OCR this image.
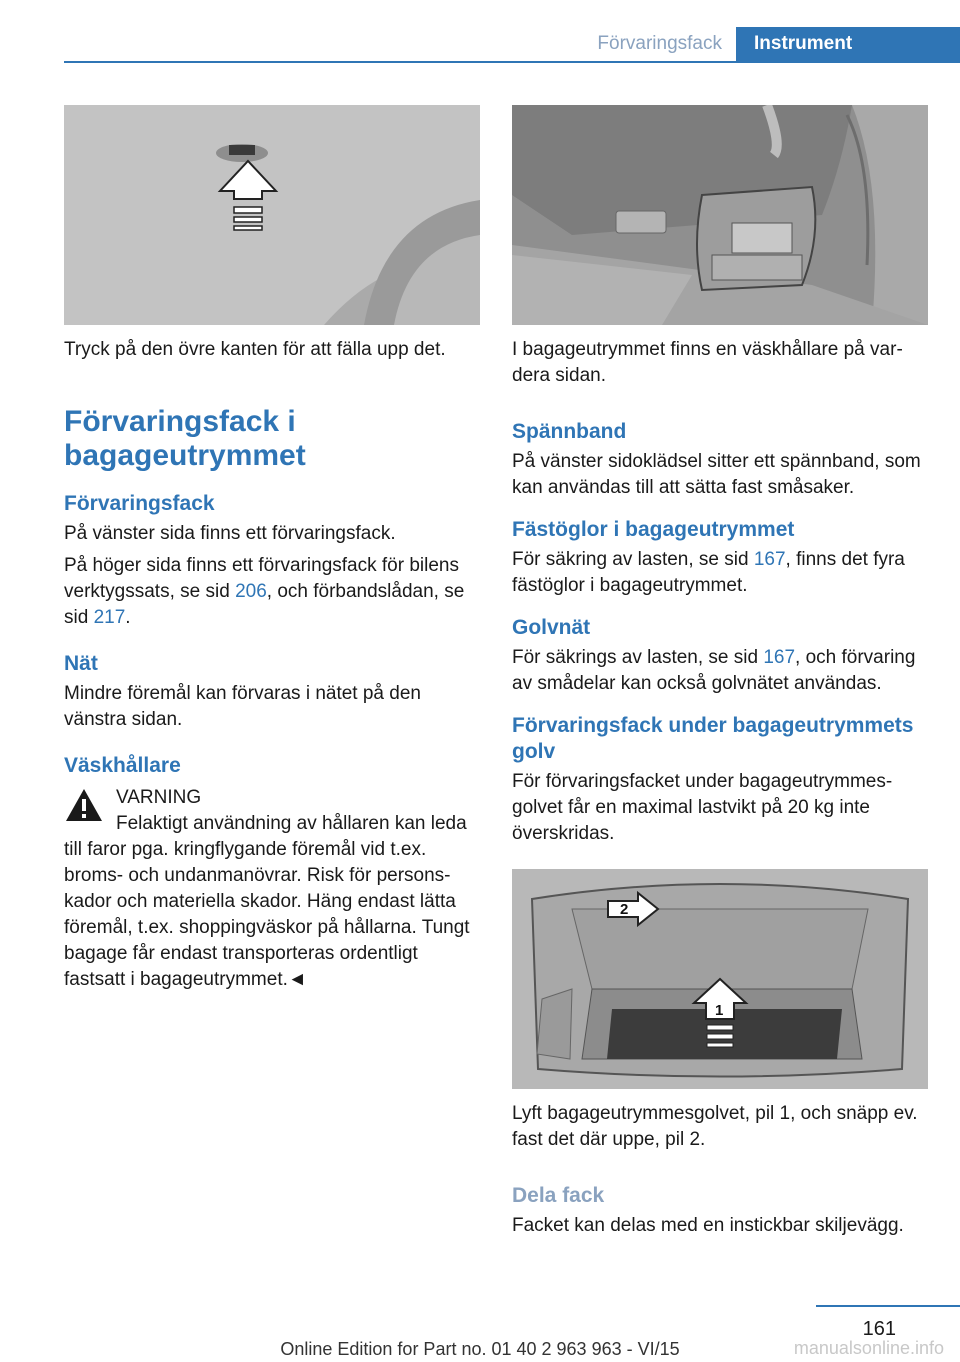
Förvaringsfack	Instrument

Tryck på den övre kanten för att fälla upp det.

Förvaringsfack i bagageutrymmet
Förvaringsfack

På vänster sida finns ett förvaringsfack.

På höger sida finns ett förvaringsfack för bilens verktygssats, se sid 206, och förbandslådan, se sid 217.

Nät

Mindre föremål kan förvaras i nätet på den vänstra sidan.

Väskhållare

VARNING

Felaktigt användning av hållaren kan leda till faror pga. kringflygande föremål vid t.ex. broms- och undanmanövrar. Risk för personskador och materiella skador. Häng endast lätta föremål, t.ex. shoppingväskor på hållarna. Tungt bagage får endast transporteras ordentligt fastsatt i bagageutrymmet.◄

I bagageutrymmet finns en väskhållare på vardera sidan.

Spännband

På vänster sidoklädsel sitter ett spännband, som kan användas till att sätta fast småsaker.

Fästöglor i bagageutrymmet

För säkring av lasten, se sid 167, finns det fyra fästöglor i bagageutrymmet.

Golvnät

För säkrings av lasten, se sid 167, och förvaring av smådelar kan också golvnätet användas.

Förvaringsfack under bagageutrymmets golv

För förvaringsfacket under bagageutrymmesgolvet får en maximal lastvikt på 20 kg inte överskridas.

2
1

Lyft bagageutrymmesgolvet, pil 1, och snäpp ev. fast det där uppe, pil 2.

Dela fack

Facket kan delas med en instickbar skiljevägg.

161
Online Edition for Part no. 01 40 2 963 963 - VI/15	manualsonline.info
